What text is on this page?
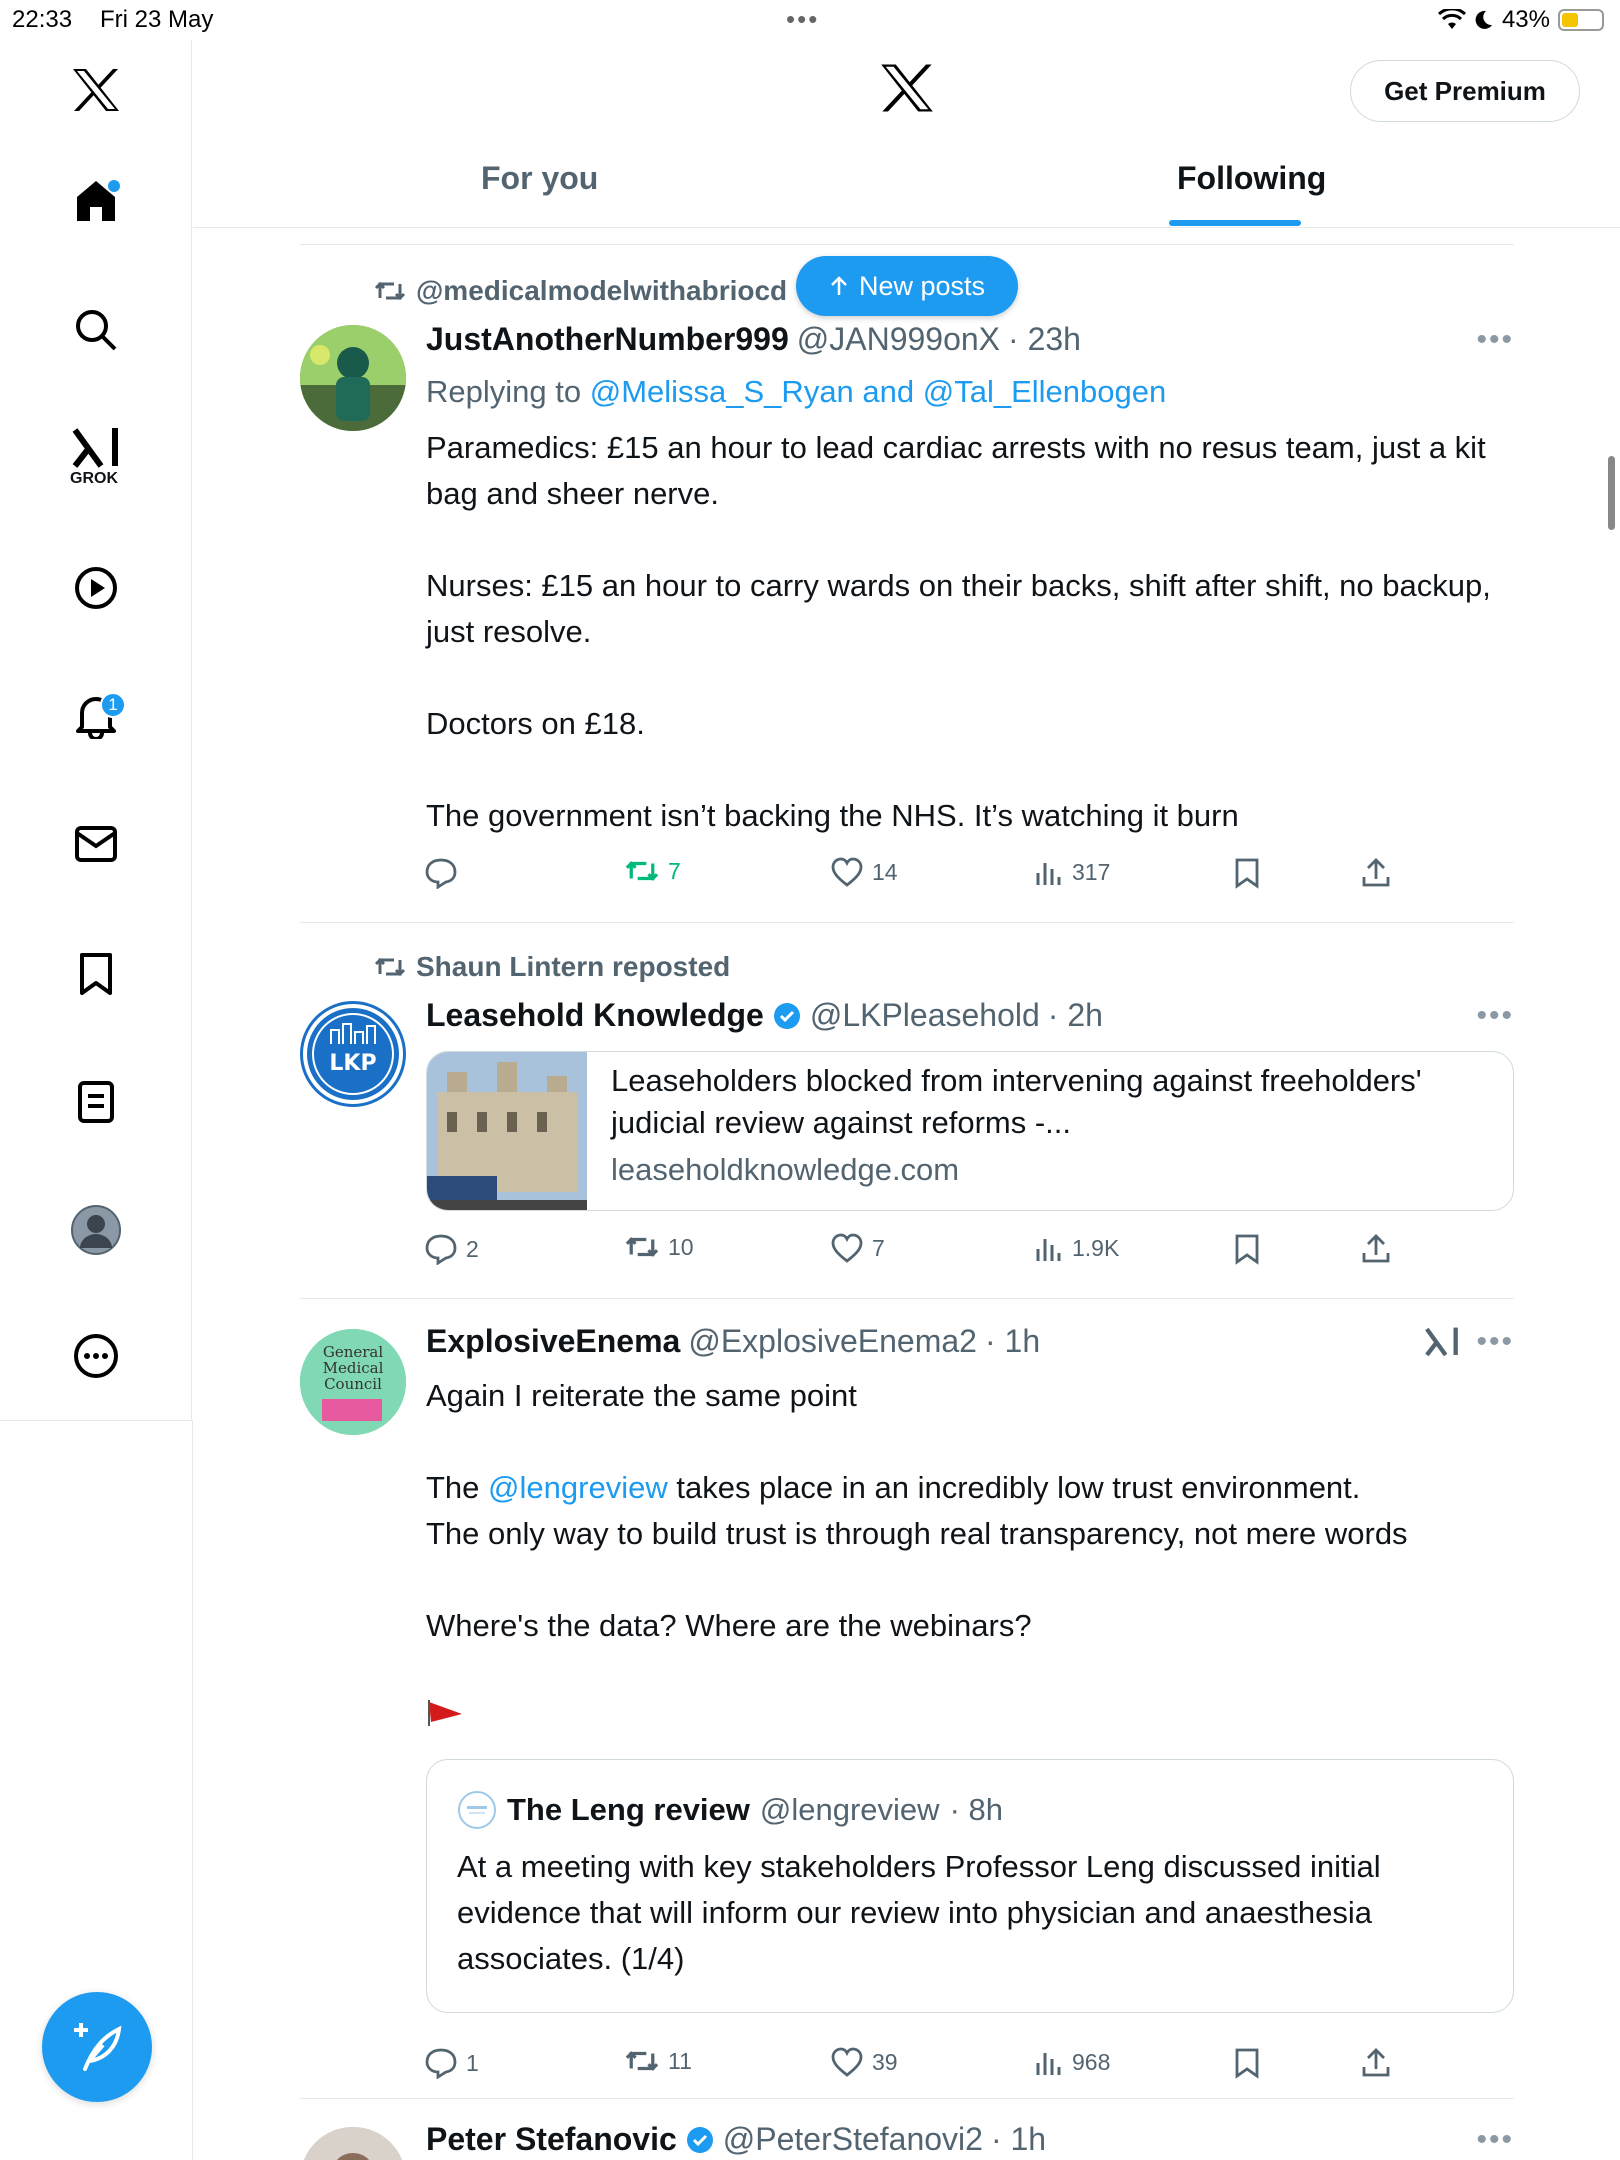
22:33 Fri 23 May	•••	43%
GROK
1
Get Premium
For you	Following
New posts
@medicalmodelwithabriocd
JustAnotherNumber999 @JAN999onX · 23h	•••
Replying to @Melissa_S_Ryan and @Tal_Ellenbogen

Paramedics: £15 an hour to lead cardiac arrests with no resus team, just a kit bag and sheer nerve.

Nurses: £15 an hour to carry wards on their backs, shift after shift, no backup, just resolve.

Doctors on £18.

The government isn’t backing the NHS. It’s watching it burn

7	14	317
Shaun Lintern reposted
LKP
Leasehold Knowledge @LKPleasehold · 2h	•••
Leaseholders blocked from intervening against freeholders' judicial review against reforms -...
leaseholdknowledge.com
2	10	7	1.9K
General Medical Council
ExplosiveEnema @ExplosiveEnema2 · 1h	•••

Again I reiterate the same point

The @lengreview takes place in an incredibly low trust environment.

The only way to build trust is through real transparency, not mere words

Where's the data? Where are the webinars?

The Leng review @lengreview · 8h
At a meeting with key stakeholders Professor Leng discussed initial evidence that will inform our review into physician and anaesthesia associates. (1/4)
1	11	39	968
Peter Stefanovic @PeterStefanovi2 · 1h	•••
